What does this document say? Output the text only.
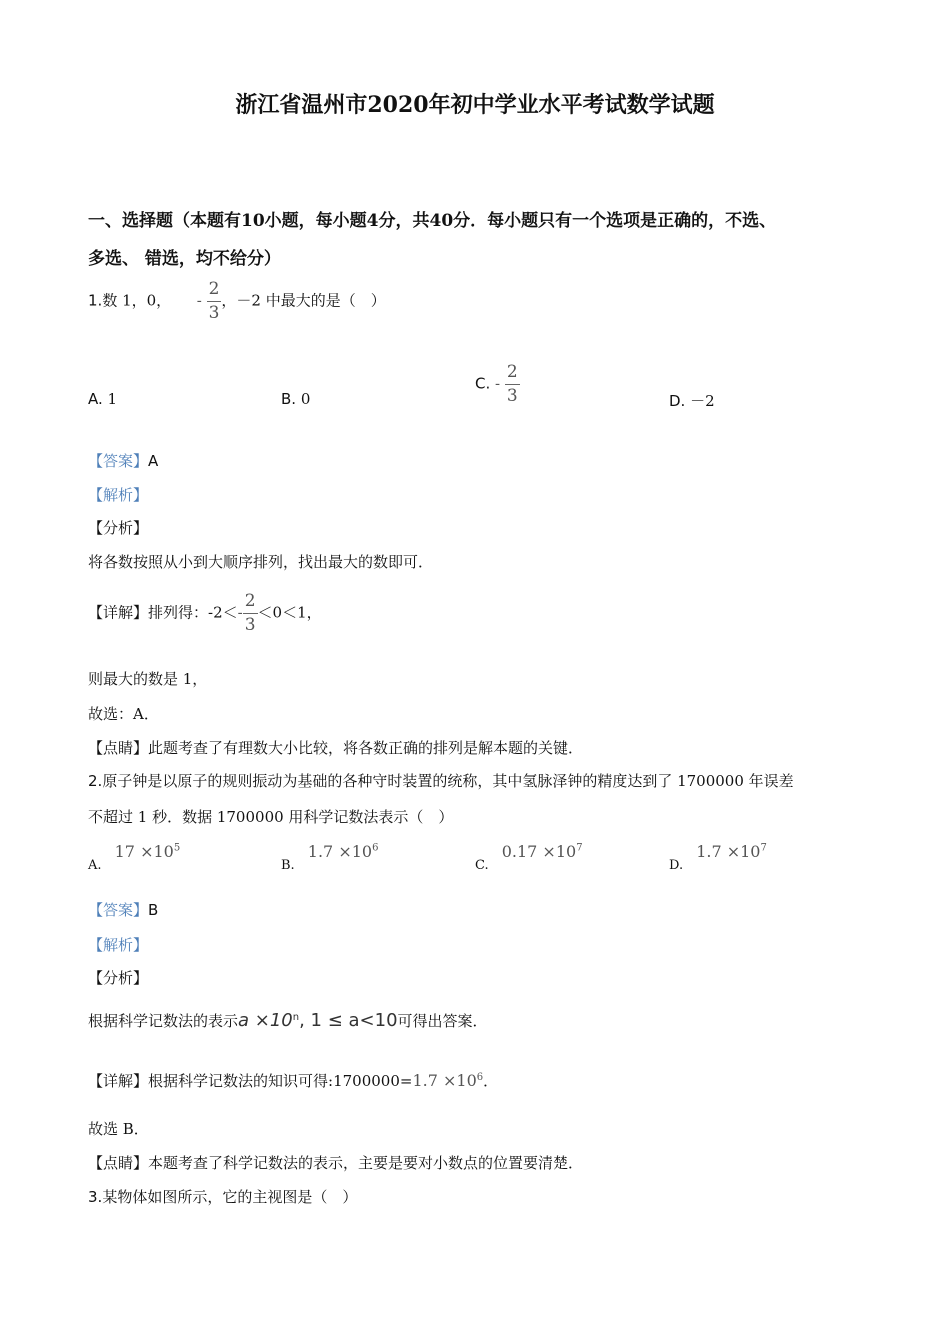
浙江省温州市2020年初中学业水平考试数学试题
一、选择题（本题有10小题，每小题4分，共40分．每小题只有一个选项是正确的，不选、
多选、 错选，均不给分）
1.数 1，0， - $\frac{2}{3}$ ，－2 中最大的是（　）
A. 1	B. 0
C. - $\frac{2}{3}$	D. －2
【答案】A
【解析】
【分析】
将各数按照从小到大顺序排列，找出最大的数即可．
【详解】排列得：$-2<- \frac{2}{3} <0<1$，
则最大的数是 1，
故选：A．
【点睛】此题考查了有理数大小比较，将各数正确的排列是解本题的关键．
2.原子钟是以原子的规则振动为基础的各种守时装置的统称，其中氢脉泽钟的精度达到了 1700000 年误差
不超过 1 秒．数据 1700000 用科学记数法表示（　）
$_{A.}$ $17 \times 10^5$
$_{B.}$ $1.7 \times 10^6$
$_{C.}$ $0.17 \times 10^7$
$_{D.}$ $1.7 \times 10^7$
【答案】B
【解析】
【分析】
根据科学记数法的表示$a \times 10^n$, 1 ≤ a<10可得出答案．
【详解】根据科学记数法的知识可得:1700000=1.7 $\times 10^6$．
故选 B．
【点睛】本题考查了科学记数法的表示，主要是要对小数点的位置要清楚．
3.某物体如图所示，它的主视图是（　）
